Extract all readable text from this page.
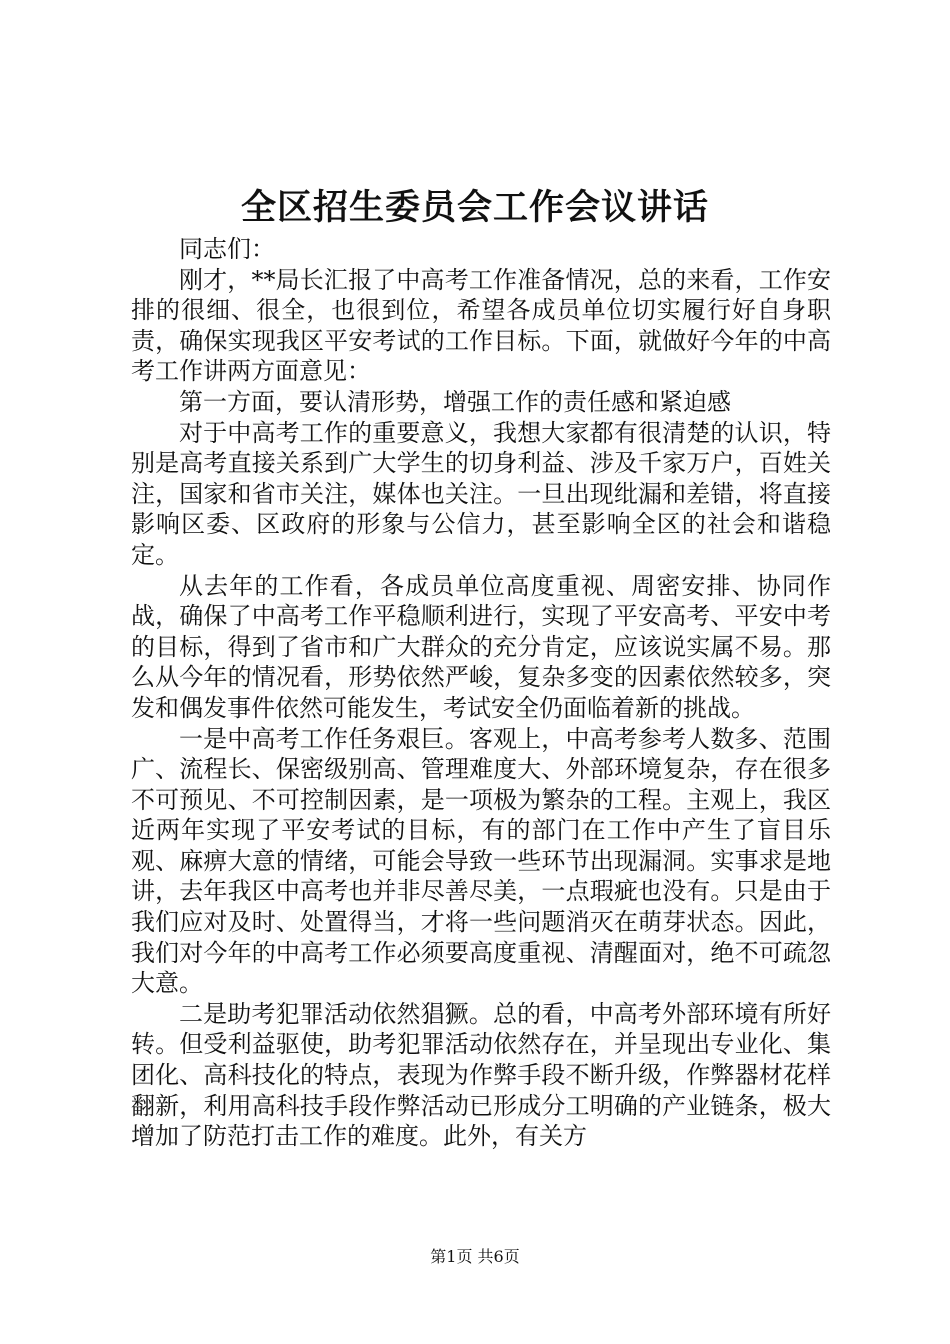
全区招生委员会工作会议讲话

同志们：

刚才，**局长汇报了中高考工作准备情况，总的来看，工作安排的很细、很全，也很到位，希望各成员单位切实履行好自身职责，确保实现我区平安考试的工作目标。下面，就做好今年的中高考工作讲两方面意见：

第一方面，要认清形势，增强工作的责任感和紧迫感

对于中高考工作的重要意义，我想大家都有很清楚的认识，特别是高考直接关系到广大学生的切身利益、涉及千家万户，百姓关注，国家和省市关注，媒体也关注。一旦出现纰漏和差错，将直接影响区委、区政府的形象与公信力，甚至影响全区的社会和谐稳定。

从去年的工作看，各成员单位高度重视、周密安排、协同作战，确保了中高考工作平稳顺利进行，实现了平安高考、平安中考的目标，得到了省市和广大群众的充分肯定，应该说实属不易。那么从今年的情况看，形势依然严峻，复杂多变的因素依然较多，突发和偶发事件依然可能发生，考试安全仍面临着新的挑战。

一是中高考工作任务艰巨。客观上，中高考参考人数多、范围广、流程长、保密级别高、管理难度大、外部环境复杂，存在很多不可预见、不可控制因素，是一项极为繁杂的工程。主观上，我区近两年实现了平安考试的目标，有的部门在工作中产生了盲目乐观、麻痹大意的情绪，可能会导致一些环节出现漏洞。实事求是地讲，去年我区中高考也并非尽善尽美，一点瑕疵也没有。只是由于我们应对及时、处置得当，才将一些问题消灭在萌芽状态。因此，我们对今年的中高考工作必须要高度重视、清醒面对，绝不可疏忽大意。

二是助考犯罪活动依然猖獗。总的看，中高考外部环境有所好转。但受利益驱使，助考犯罪活动依然存在，并呈现出专业化、集团化、高科技化的特点，表现为作弊手段不断升级，作弊器材花样翻新，利用高科技手段作弊活动已形成分工明确的产业链条，极大增加了防范打击工作的难度。此外，有关方

第1页 共6页
